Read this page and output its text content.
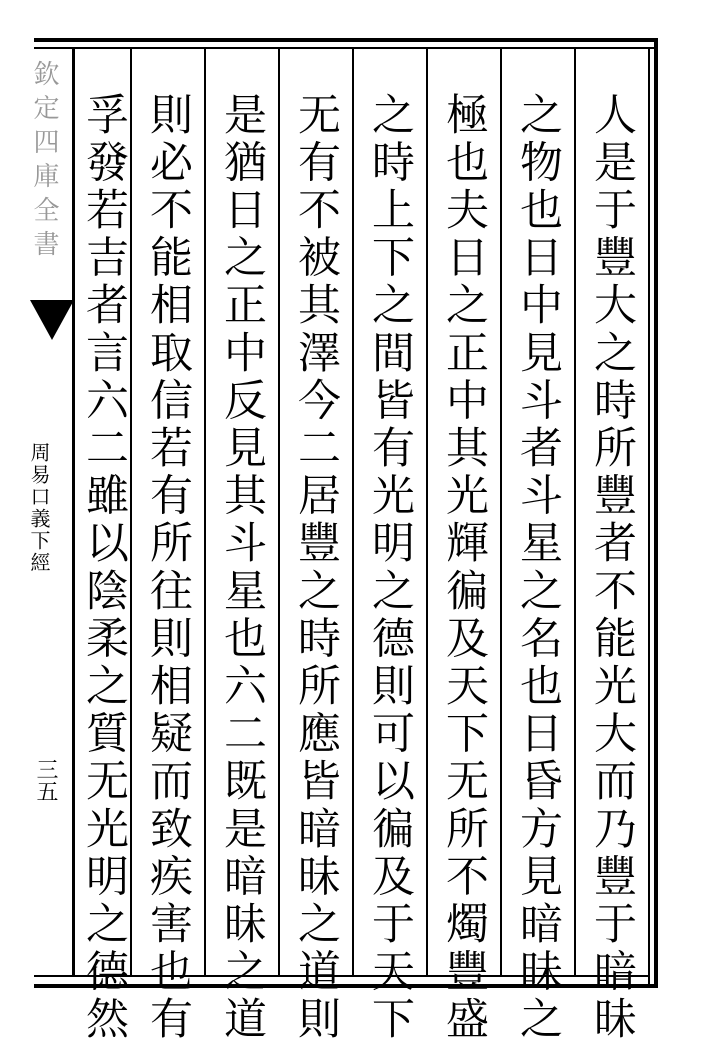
欽定四庫全書
周易口義下經
三五	人是于豐大之時所豐者不能光大而乃豐于暗昧
之物也日中見斗者斗星之名也日昏方見暗昧之
極也夫日之正中其光輝徧及天下无所不燭豐盛
之時上下之間皆有光明之德則可以徧及于天下
无有不被其澤今二居豐之時所應皆暗昧之道則
是猶日之正中反見其斗星也六二既是暗昧之道
則必不能相取信若有所往則相疑而致疾害也有
孚發若吉者言六二雖以陰柔之質无光明之德然
